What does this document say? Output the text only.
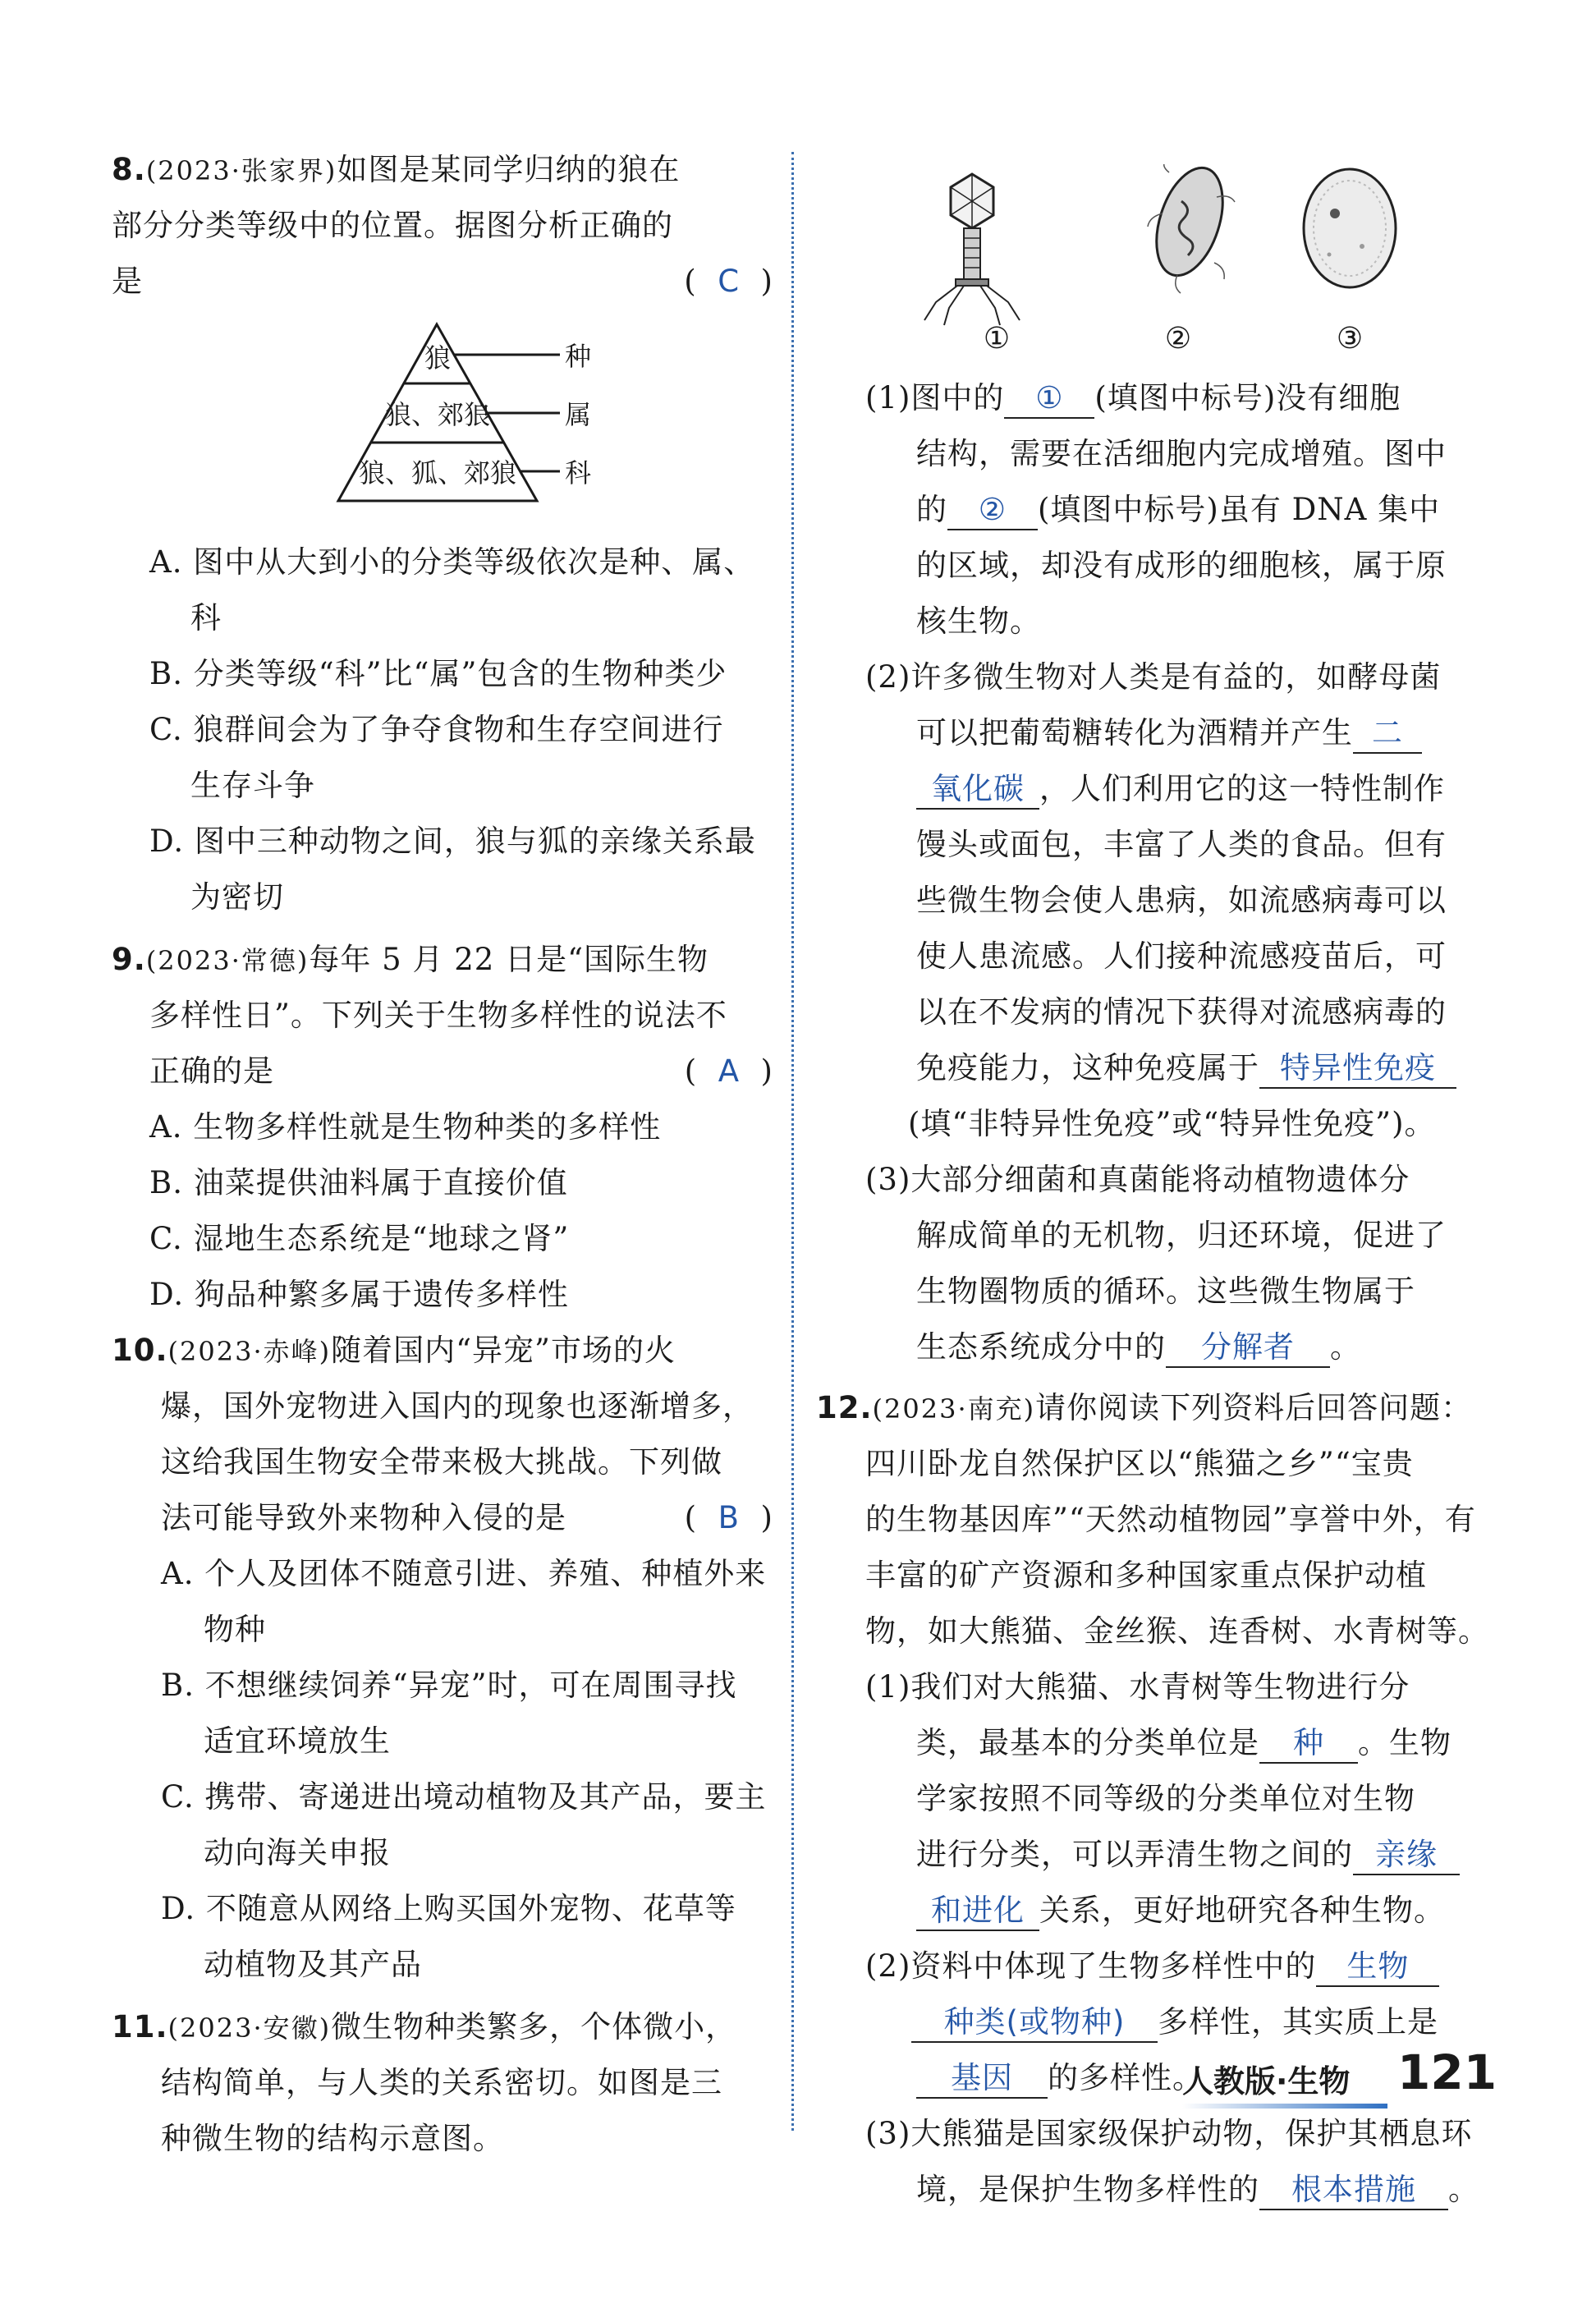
8.(2023·张家界)如图是某同学归纳的狼在
部分分类等级中的位置。据图分析正确的
是	(  C  )
狼
狼、郊狼
狼、狐、郊狼
种
属
科
A. 图中从大到小的分类等级依次是种、属、
科
B. 分类等级“科”比“属”包含的生物种类少
C. 狼群间会为了争夺食物和生存空间进行
生存斗争
D. 图中三种动物之间，狼与狐的亲缘关系最
为密切
9.(2023·常德)每年 5 月 22 日是“国际生物
多样性日”。下列关于生物多样性的说法不
正确的是	(  A  )
A. 生物多样性就是生物种类的多样性
B. 油菜提供油料属于直接价值
C. 湿地生态系统是“地球之肾”
D. 狗品种繁多属于遗传多样性
10.(2023·赤峰)随着国内“异宠”市场的火
爆，国外宠物进入国内的现象也逐渐增多，
这给我国生物安全带来极大挑战。下列做
法可能导致外来物种入侵的是	(  B  )
A. 个人及团体不随意引进、养殖、种植外来
物种
B. 不想继续饲养“异宠”时，可在周围寻找
适宜环境放生
C. 携带、寄递进出境动植物及其产品，要主
动向海关申报
D. 不随意从网络上购买国外宠物、花草等
动植物及其产品
11.(2023·安徽)微生物种类繁多，个体微小，
结构简单，与人类的关系密切。如图是三
种微生物的结构示意图。
①	②	③
(1)图中的 ① (填图中标号)没有细胞
结构，需要在活细胞内完成增殖。图中
的 ② (填图中标号)虽有 DNA 集中
的区域，却没有成形的细胞核，属于原
核生物。
(2)许多微生物对人类是有益的，如酵母菌
可以把葡萄糖转化为酒精并产生 二
氧化碳 ，人们利用它的这一特性制作
馒头或面包，丰富了人类的食品。但有
些微生物会使人患病，如流感病毒可以
使人患流感。人们接种流感疫苗后，可
以在不发病的情况下获得对流感病毒的
免疫能力，这种免疫属于 特异性免疫
(填“非特异性免疫”或“特异性免疫”)。
(3)大部分细菌和真菌能将动植物遗体分
解成简单的无机物，归还环境，促进了
生物圈物质的循环。这些微生物属于
生态系统成分中的 分解者 。
12.(2023·南充)请你阅读下列资料后回答问题：
四川卧龙自然保护区以“熊猫之乡”“宝贵
的生物基因库”“天然动植物园”享誉中外，有
丰富的矿产资源和多种国家重点保护动植
物，如大熊猫、金丝猴、连香树、水青树等。
(1)我们对大熊猫、水青树等生物进行分
类，最基本的分类单位是 种 。生物
学家按照不同等级的分类单位对生物
进行分类，可以弄清生物之间的 亲缘
和进化 关系，更好地研究各种生物。
(2)资料中体现了生物多样性中的 生物
种类(或物种) 多样性，其实质上是
基因 的多样性。
(3)大熊猫是国家级保护动物，保护其栖息环
境，是保护生物多样性的 根本措施 。
人教版·生物 121
